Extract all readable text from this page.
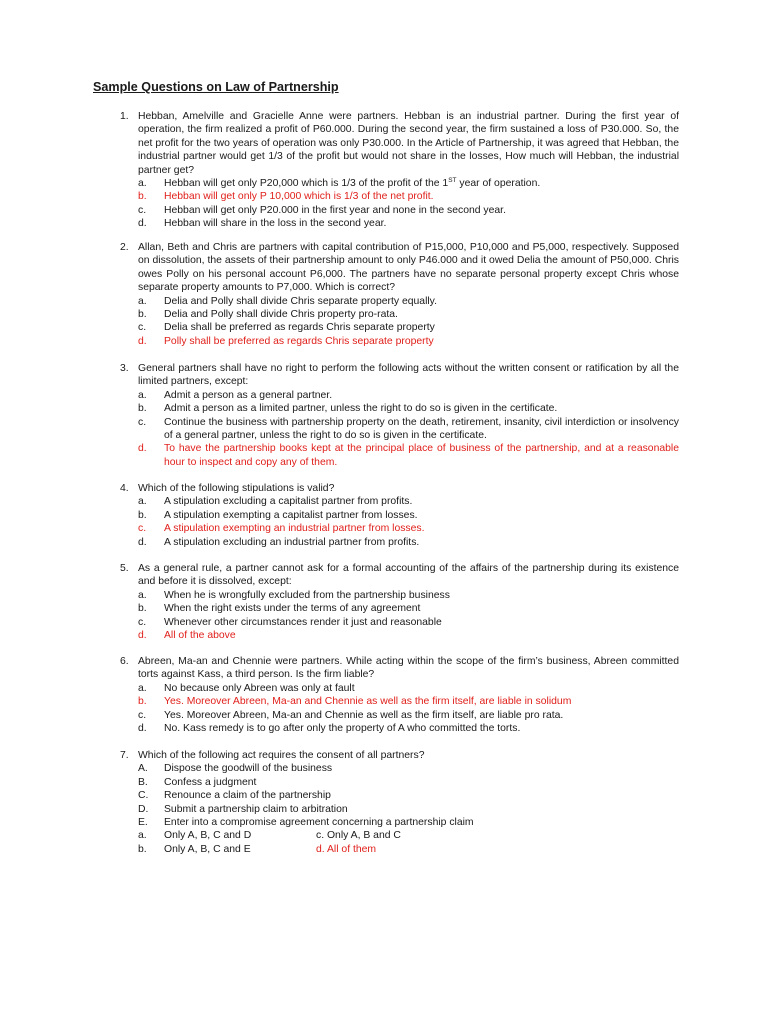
Sample Questions on Law of Partnership
1. Hebban, Amelville and Gracielle Anne were partners. Hebban is an industrial partner. During the first year of operation, the firm realized a profit of P60.000. During the second year, the firm sustained a loss of P30.000. So, the net profit for the two years of operation was only P30.000. In the Article of Partnership, it was agreed that Hebban, the industrial partner would get 1/3 of the profit but would not share in the losses, How much will Hebban, the industrial partner get?
a. Hebban will get only P20,000 which is 1/3 of the profit of the 1ST year of operation.
b. Hebban will get only P 10,000 which is 1/3 of the net profit.
c. Hebban will get only P20.000 in the first year and none in the second year.
d. Hebban will share in the loss in the second year.
2. Allan, Beth and Chris are partners with capital contribution of P15,000, P10,000 and P5,000, respectively. Supposed on dissolution, the assets of their partnership amount to only P46.000 and it owed Delia the amount of P50,000. Chris owes Polly on his personal account P6,000. The partners have no separate personal property except Chris whose separate property amounts to P7,000. Which is correct?
a. Delia and Polly shall divide Chris separate property equally.
b. Delia and Polly shall divide Chris property pro-rata.
c. Delia shall be preferred as regards Chris separate property
d. Polly shall be preferred as regards Chris separate property
3. General partners shall have no right to perform the following acts without the written consent or ratification by all the limited partners, except:
a. Admit a person as a general partner.
b. Admit a person as a limited partner, unless the right to do so is given in the certificate.
c. Continue the business with partnership property on the death, retirement, insanity, civil interdiction or insolvency of a general partner, unless the right to do so is given in the certificate.
d. To have the partnership books kept at the principal place of business of the partnership, and at a reasonable hour to inspect and copy any of them.
4. Which of the following stipulations is valid?
a. A stipulation excluding a capitalist partner from profits.
b. A stipulation exempting a capitalist partner from losses.
c. A stipulation exempting an industrial partner from losses.
d. A stipulation excluding an industrial partner from profits.
5. As a general rule, a partner cannot ask for a formal accounting of the affairs of the partnership during its existence and before it is dissolved, except:
a. When he is wrongfully excluded from the partnership business
b. When the right exists under the terms of any agreement
c. Whenever other circumstances render it just and reasonable
d. All of the above
6. Abreen, Ma-an and Chennie were partners. While acting within the scope of the firm’s business, Abreen committed torts against Kass, a third person. Is the firm liable?
a. No because only Abreen was only at fault
b. Yes. Moreover Abreen, Ma-an and Chennie as well as the firm itself, are liable in solidum
c. Yes. Moreover Abreen, Ma-an and Chennie as well as the firm itself, are liable pro rata.
d. No. Kass remedy is to go after only the property of A who committed the torts.
7. Which of the following act requires the consent of all partners?
A. Dispose the goodwill of the business
B. Confess a judgment
C. Renounce a claim of the partnership
D. Submit a partnership claim to arbitration
E. Enter into a compromise agreement concerning a partnership claim
a. Only A, B, C and D	c. Only A, B and C
b. Only A, B, C and E	d. All of them
